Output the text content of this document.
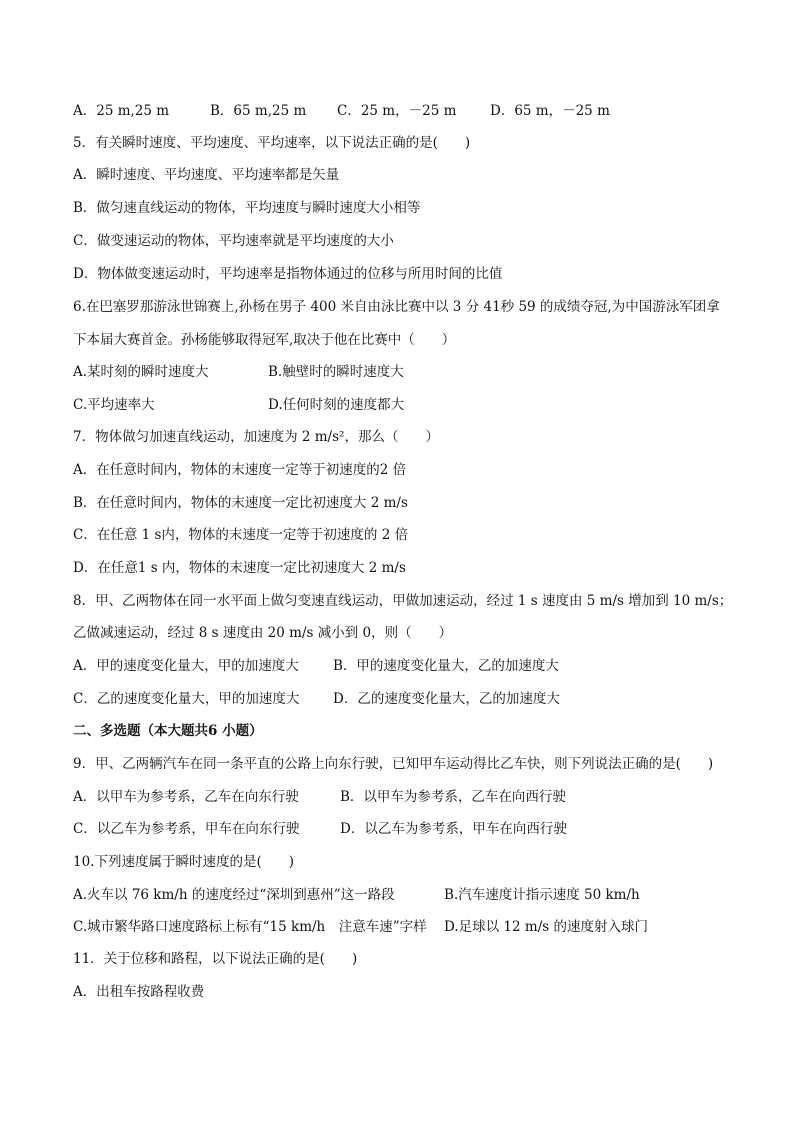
A．25 m,25 m	B．65 m,25 m C．25 m，－25 m D．65 m，－25 m
5．有关瞬时速度、平均速度、平均速率，以下说法正确的是(　　)
A．瞬时速度、平均速度、平均速率都是矢量
B．做匀速直线运动的物体，平均速度与瞬时速度大小相等
C．做变速运动的物体，平均速率就是平均速度的大小
D．物体做变速运动时，平均速率是指物体通过的位移与所用时间的比值
6.在巴塞罗那游泳世锦赛上,孙杨在男子 400 米自由泳比赛中以 3 分 41秒 59 的成绩夺冠,为中国游泳军团拿
下本届大赛首金。孙杨能够取得冠军,取决于他在比赛中（　　）
A.某时刻的瞬时速度大	B.触壁时的瞬时速度大
C.平均速率大	D.任何时刻的速度都大
7．物体做匀加速直线运动，加速度为 2 m/s²，那么（　　）
A．在任意时间内，物体的末速度一定等于初速度的2 倍
B．在任意时间内，物体的末速度一定比初速度大 2 m/s
C．在任意 1 s内，物体的末速度一定等于初速度的 2 倍
D．在任意1 s 内，物体的末速度一定比初速度大 2 m/s
8．甲、乙两物体在同一水平面上做匀变速直线运动，甲做加速运动，经过 1 s 速度由 5 m/s 增加到 10 m/s；
乙做减速运动，经过 8 s 速度由 20 m/s 减小到 0，则（　　）
A．甲的速度变化量大，甲的加速度大	B．甲的速度变化量大，乙的加速度大
C．乙的速度变化量大，甲的加速度大 D．乙的速度变化量大，乙的加速度大
二、多选题（本大题共6 小题）
9．甲、乙两辆汽车在同一条平直的公路上向东行驶，已知甲车运动得比乙车快，则下列说法正确的是(　　)
A．以甲车为参考系，乙车在向东行驶	B．以甲车为参考系，乙车在向西行驶
C．以乙车为参考系，甲车在向东行驶	D．以乙车为参考系，甲车在向西行驶
10.下列速度属于瞬时速度的是(　　)
A.火车以 76 km/h 的速度经过“深圳到惠州”这一路段	B.汽车速度计指示速度 50 km/h
C.城市繁华路口速度路标上标有“15 km/h　注意车速”字样 D.足球以 12 m/s 的速度射入球门
11．关于位移和路程，以下说法正确的是(　　)
A．出租车按路程收费
